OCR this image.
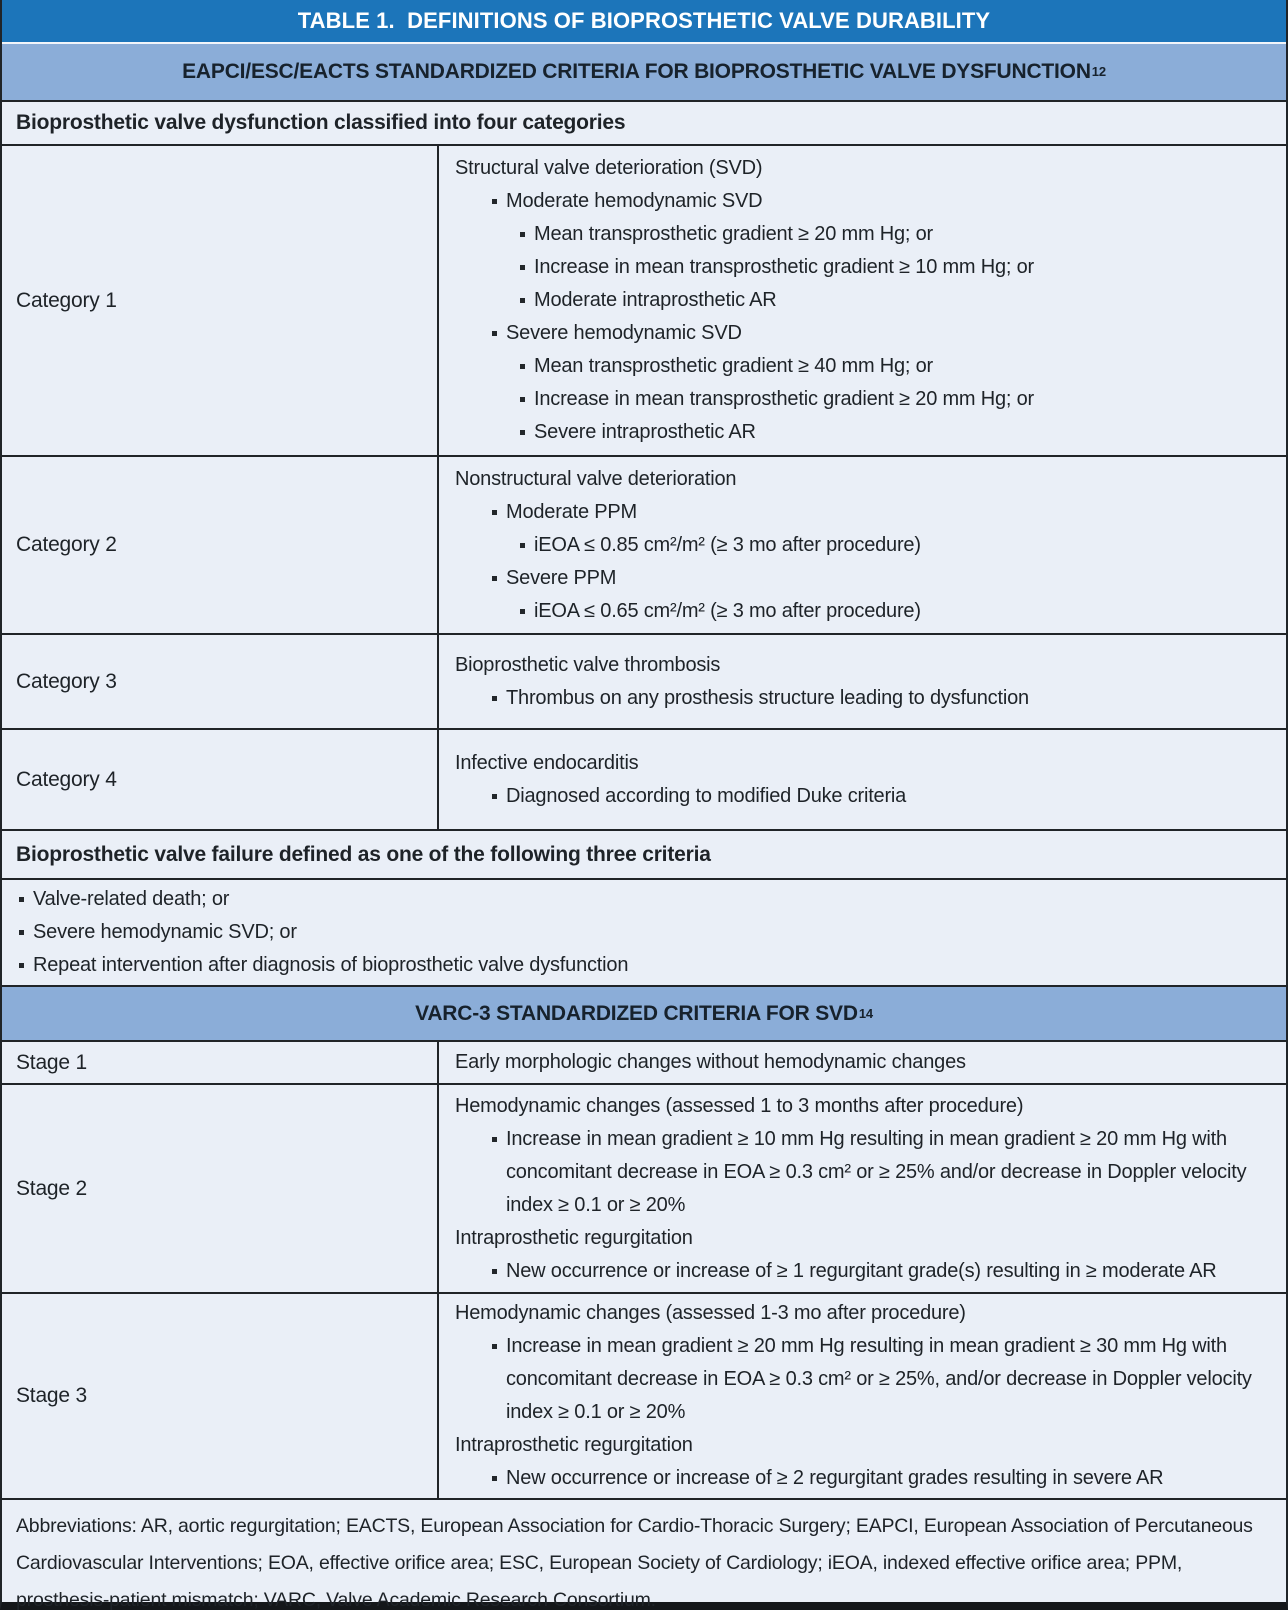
TABLE 1.  DEFINITIONS OF BIOPROSTHETIC VALVE DURABILITY
EAPCI/ESC/EACTS STANDARDIZED CRITERIA FOR BIOPROSTHETIC VALVE DYSFUNCTION 12
Bioprosthetic valve dysfunction classified into four categories
Category 1
Structural valve deterioration (SVD)
Moderate hemodynamic SVD
Mean transprosthetic gradient ≥ 20 mm Hg; or
Increase in mean transprosthetic gradient ≥ 10 mm Hg; or
Moderate intraprosthetic AR
Severe hemodynamic SVD
Mean transprosthetic gradient ≥ 40 mm Hg; or
Increase in mean transprosthetic gradient ≥ 20 mm Hg; or
Severe intraprosthetic AR
Category 2
Nonstructural valve deterioration
Moderate PPM
iEOA ≤ 0.85 cm²/m² (≥ 3 mo after procedure)
Severe PPM
iEOA ≤ 0.65 cm²/m² (≥ 3 mo after procedure)
Category 3
Bioprosthetic valve thrombosis
Thrombus on any prosthesis structure leading to dysfunction
Category 4
Infective endocarditis
Diagnosed according to modified Duke criteria
Bioprosthetic valve failure defined as one of the following three criteria
Valve-related death; or
Severe hemodynamic SVD; or
Repeat intervention after diagnosis of bioprosthetic valve dysfunction
VARC-3 STANDARDIZED CRITERIA FOR SVD 14
Stage 1	Early morphologic changes without hemodynamic changes
Stage 2
Hemodynamic changes (assessed 1 to 3 months after procedure)
Increase in mean gradient ≥ 10 mm Hg resulting in mean gradient ≥ 20 mm Hg with concomitant decrease in EOA ≥ 0.3 cm² or ≥ 25% and/or decrease in Doppler velocity index ≥ 0.1 or ≥ 20%
Intraprosthetic regurgitation
New occurrence or increase of ≥ 1 regurgitant grade(s) resulting in ≥ moderate AR
Stage 3
Hemodynamic changes (assessed 1-3 mo after procedure)
Increase in mean gradient ≥ 20 mm Hg resulting in mean gradient ≥ 30 mm Hg with concomitant decrease in EOA ≥ 0.3 cm² or ≥ 25%, and/or decrease in Doppler velocity index ≥ 0.1 or ≥ 20%
Intraprosthetic regurgitation
New occurrence or increase of ≥ 2 regurgitant grades resulting in severe AR
Abbreviations: AR, aortic regurgitation; EACTS, European Association for Cardio-Thoracic Surgery; EAPCI, European Association of Percutaneous Cardiovascular Interventions; EOA, effective orifice area; ESC, European Society of Cardiology; iEOA, indexed effective orifice area; PPM, prosthesis-patient mismatch; VARC, Valve Academic Research Consortium.
